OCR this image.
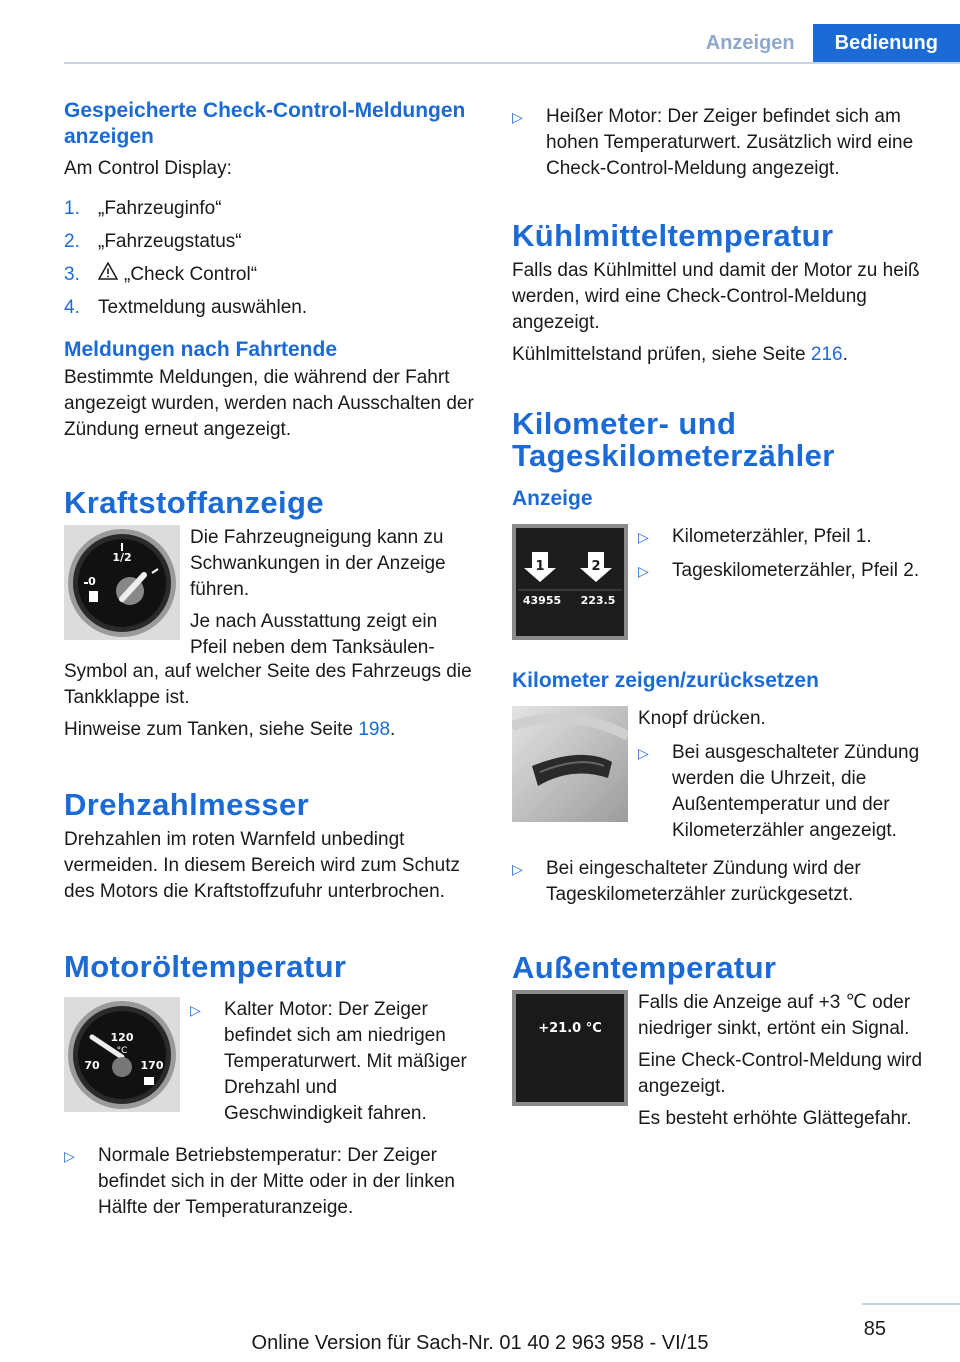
Anzeigen	Bedienung
Gespeicherte Check-Control-Meldungen anzeigen

Am Control Display:

1. „Fahrzeuginfo“
2. „Fahrzeugstatus“
3.	„Check Control“
4. Textmeldung auswählen.
Meldungen nach Fahrtende

Bestimmte Meldungen, die während der Fahrt angezeigt wurden, werden nach Ausschalten der Zündung erneut angezeigt.

Kraftstoffanzeige
1/2
0

Die Fahrzeugneigung kann zu Schwankungen in der Anzeige führen.

Je nach Ausstattung zeigt ein Pfeil neben dem Tanksäulen-

Symbol an, auf welcher Seite des Fahrzeugs die Tankklappe ist.

Hinweise zum Tanken, siehe Seite 198.

Drehzahlmesser

Drehzahlen im roten Warnfeld unbedingt vermeiden. In diesem Bereich wird zum Schutz des Motors die Kraftstoffzufuhr unterbrochen.

Motoröltemperatur
120
°C
70	170
▷	Kalter Motor: Der Zeiger befindet sich am niedrigen Temperaturwert. Mit mäßiger Drehzahl und Geschwindigkeit fahren.
▷	Normale Betriebstemperatur: Der Zeiger befindet sich in der Mitte oder in der linken Hälfte der Temperaturanzeige.
▷	Heißer Motor: Der Zeiger befindet sich am hohen Temperaturwert. Zusätzlich wird eine Check-Control-Meldung angezeigt.
Kühlmitteltemperatur

Falls das Kühlmittel und damit der Motor zu heiß werden, wird eine Check-Control-Meldung angezeigt.

Kühlmittelstand prüfen, siehe Seite 216.

Kilometer- und Tageskilometerzähler
Anzeige
1	2
43955 223.5
▷	Kilometerzähler, Pfeil 1.
▷	Tageskilometerzähler, Pfeil 2.
Kilometer zeigen/zurücksetzen

Knopf drücken.

▷	Bei ausgeschalteter Zündung werden die Uhrzeit, die Außentemperatur und der Kilometerzähler angezeigt.
▷	Bei eingeschalteter Zündung wird der Tageskilometerzähler zurückgesetzt.
Außentemperatur
+21.0 °C

Falls die Anzeige auf +3 ℃ oder niedriger sinkt, ertönt ein Signal.

Eine Check-Control-Meldung wird angezeigt.

Es besteht erhöhte Glättegefahr.

85
Online Version für Sach-Nr. 01 40 2 963 958 - VI/15
